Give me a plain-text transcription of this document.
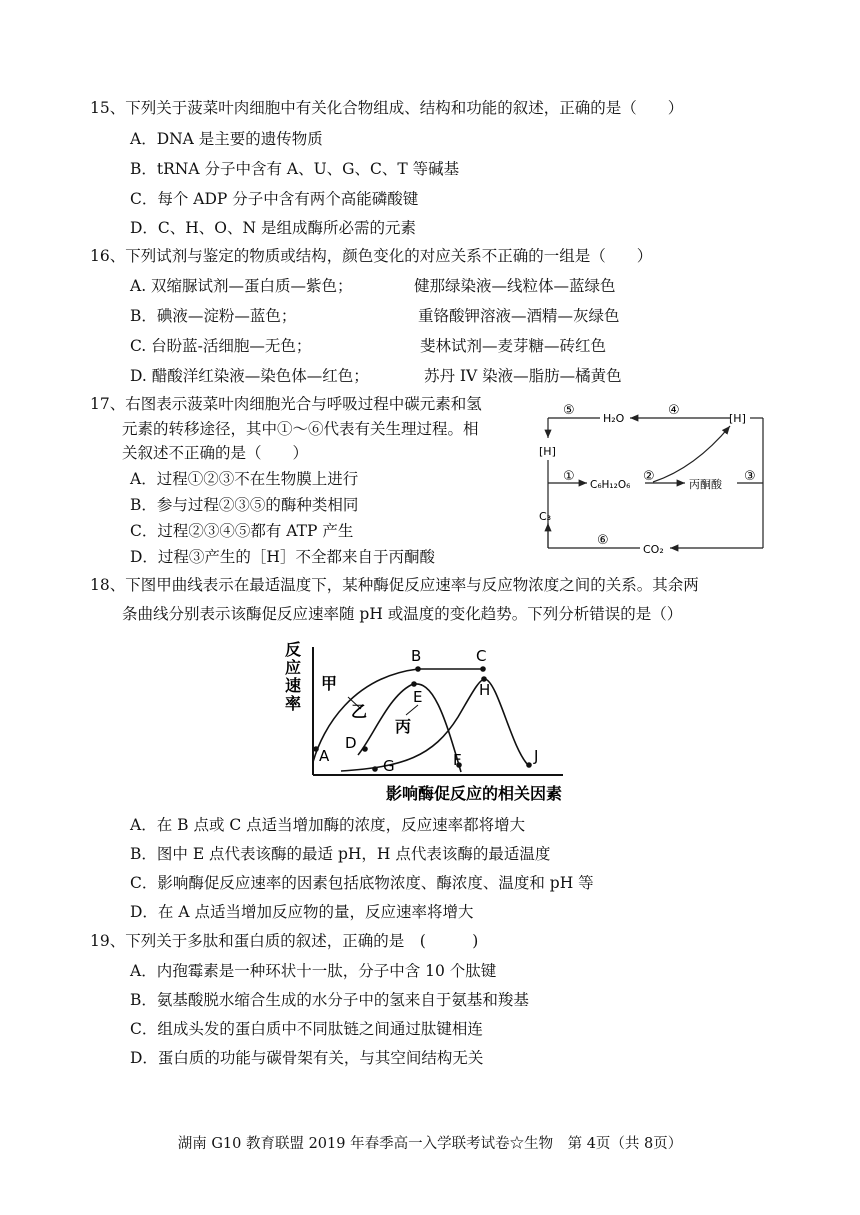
15、下列关于菠菜叶肉细胞中有关化合物组成、结构和功能的叙述，正确的是（　　）
A．DNA 是主要的遗传物质
B．tRNA 分子中含有 A、U、G、C、T 等碱基
C．每个 ADP 分子中含有两个高能磷酸键
D．C、H、O、N 是组成酶所必需的元素
16、下列试剂与鉴定的物质或结构，颜色变化的对应关系不正确的一组是（　　）
A. 双缩脲试剂—蛋白质—紫色；	健那绿染液—线粒体—蓝绿色
B．碘液—淀粉—蓝色；	重铬酸钾溶液—酒精—灰绿色
C. 台盼蓝-活细胞—无色；	斐林试剂—麦芽糖—砖红色
D. 醋酸洋红染液—染色体—红色；	苏丹 IV 染液—脂肪—橘黄色
17、右图表示菠菜叶肉细胞光合与呼吸过程中碳元素和氢
元素的转移途径，其中①～⑥代表有关生理过程。相
关叙述不正确的是（　　）
A．过程①②③不在生物膜上进行
B．参与过程②③⑤的酶种类相同
C．过程②③④⑤都有 ATP 产生
D．过程③产生的［H］不全都来自于丙酮酸
⑤
H₂O
④
[H]
[H]
①
C₆H₁₂O₆
②
丙酮酸
③
C₃
⑥
CO₂
18、下图甲曲线表示在最适温度下，某种酶促反应速率与反应物浓度之间的关系。其余两
条曲线分别表示该酶促反应速率随 pH 或温度的变化趋势。下列分析错误的是（）
反
应
速
率
A
B	C
D
E
F
G
H
J
甲
乙
丙
影响酶促反应的相关因素
A．在 B 点或 C 点适当增加酶的浓度，反应速率都将增大
B．图中 E 点代表该酶的最适 pH，H 点代表该酶的最适温度
C．影响酶促反应速率的因素包括底物浓度、酶浓度、温度和 pH 等
D．在 A 点适当增加反应物的量，反应速率将增大
19、下列关于多肽和蛋白质的叙述，正确的是　(　　　)
A．内孢霉素是一种环状十一肽，分子中含 10 个肽键
B．氨基酸脱水缩合生成的水分子中的氢来自于氨基和羧基
C．组成头发的蛋白质中不同肽链之间通过肽键相连
D．蛋白质的功能与碳骨架有关，与其空间结构无关
湖南 G10 教育联盟 2019 年春季高一入学联考试卷☆生物　第 4页（共 8页）
